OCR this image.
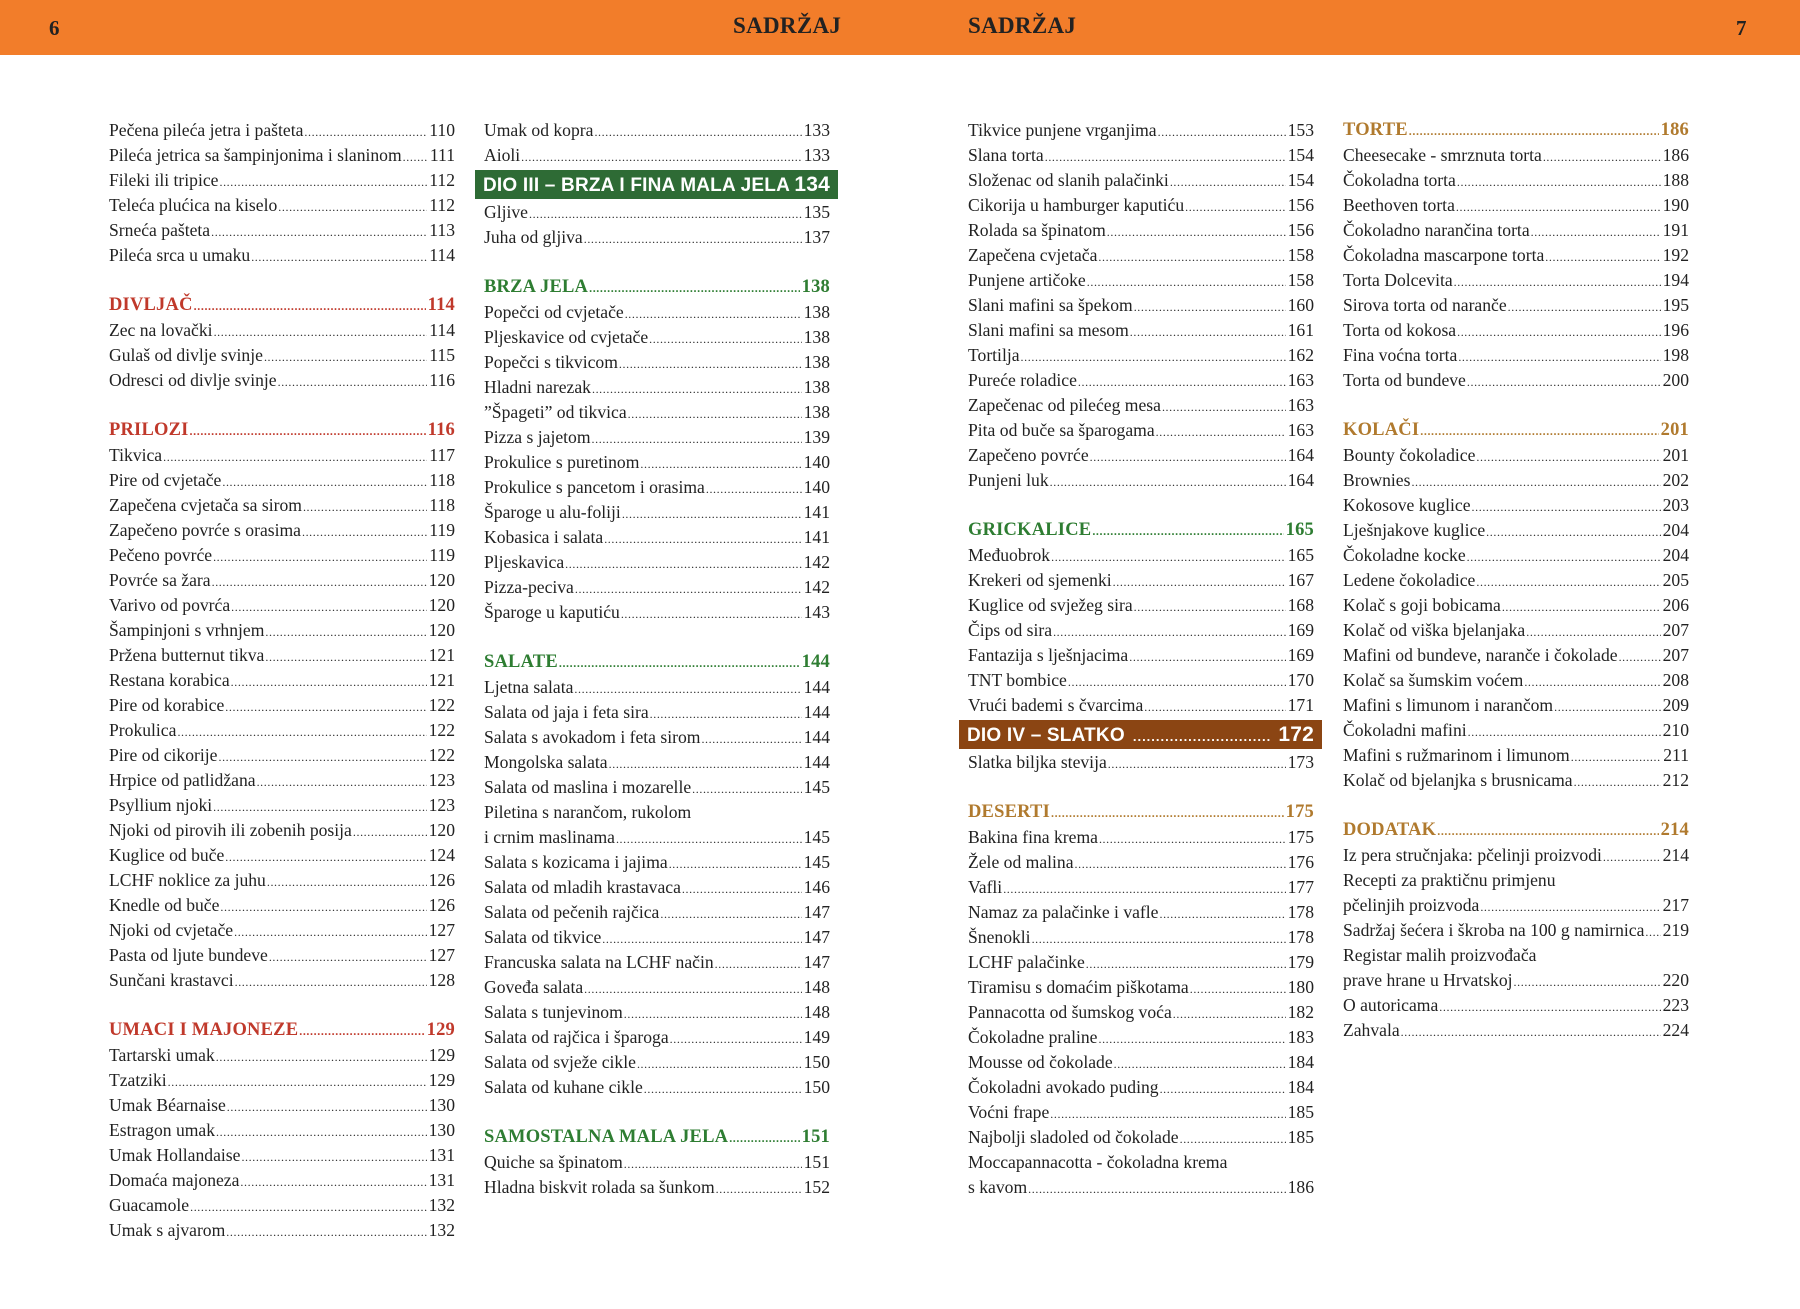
6	SADRŽAJ	SADRŽAJ	7
Pečena pileća jetra i pašteta .....	110
Pileća jetrica sa šampinjonima i slaninom ..... 111
Fileki ili tripice .....	112
Teleća plućica na kiselo .....	112
Srneća pašteta .....	113
Pileća srca u umaku .....	114
DIVLJAČ .....	114
Zec na lovački .....	114
Gulaš od divlje svinje .....	115
Odresci od divlje svinje .....	116
PRILOZI .....	116
Tikvica .....	117
Pire od cvjetače .....	118
Zapečena cvjetača sa sirom .....	118
Zapečeno povrće s orasima .....	119
Pečeno povrće .....	119
Povrće sa žara .....	120
Varivo od povrća .....	120
Šampinjoni s vrhnjem .....	120
Pržena butternut tikva .....	121
Restana korabica .....	121
Pire od korabice .....	122
Prokulica .....	122
Pire od cikorije .....	122
Hrpice od patlidžana .....	123
Psyllium njoki .....	123
Njoki od pirovih ili zobenih posija .....	120
Kuglice od buče .....	124
LCHF noklice za juhu .....	126
Knedle od buče .....	126
Njoki od cvjetače .....	127
Pasta od ljute bundeve .....	127
Sunčani krastavci .....	128
UMACI I MAJONEZE .....	129
Tartarski umak .....	129
Tzatziki .....	129
Umak Béarnaise .....	130
Estragon umak .....	130
Umak Hollandaise .....	131
Domaća majoneza .....	131
Guacamole .....	132
Umak s ajvarom .....	132
Umak od kopra .....	133
Aioli .....	133
DIO III – BRZA I FINA MALA JELA 134
Gljive .....	135
Juha od gljiva .....	137
BRZA JELA .....	138
Popečci od cvjetače .....	138
Pljeskavice od cvjetače .....	138
Popečci s tikvicom .....	138
Hladni narezak .....	138
”Špageti” od tikvica .....	138
Pizza s jajetom .....	139
Prokulice s puretinom .....	140
Prokulice s pancetom i orasima .....	140
Šparoge u alu-foliji .....	141
Kobasica i salata .....	141
Pljeskavica .....	142
Pizza-peciva .....	142
Šparoge u kaputiću .....	143
SALATE .....	144
Ljetna salata .....	144
Salata od jaja i feta sira .....	144
Salata s avokadom i feta sirom .....	144
Mongolska salata .....	144
Salata od maslina i mozarelle .....	145
Piletina s narančom, rukolom
i crnim maslinama .....	145
Salata s kozicama i jajima .....	145
Salata od mladih krastavaca .....	146
Salata od pečenih rajčica .....	147
Salata od tikvice .....	147
Francuska salata na LCHF način .....	147
Goveđa salata .....	148
Salata s tunjevinom .....	148
Salata od rajčica i šparoga .....	149
Salata od svježe cikle .....	150
Salata od kuhane cikle .....	150
SAMOSTALNA MALA JELA .....	151
Quiche sa špinatom .....	151
Hladna biskvit rolada sa šunkom .....	152
Tikvice punjene vrganjima .....	153
Slana torta .....	154
Složenac od slanih palačinki .....	154
Cikorija u hamburger kaputiću .....	156
Rolada sa špinatom .....	156
Zapečena cvjetača .....	158
Punjene artičoke .....	158
Slani mafini sa špekom .....	160
Slani mafini sa mesom .....	161
Tortilja .....	162
Pureće roladice .....	163
Zapečenac od pilećeg mesa .....	163
Pita od buče sa šparogama .....	163
Zapečeno povrće .....	164
Punjeni luk .....	164
GRICKALICE .....	165
Međuobrok .....	165
Krekeri od sjemenki .....	167
Kuglice od svježeg sira .....	168
Čips od sira .....	169
Fantazija s lješnjacima .....	169
TNT bombice .....	170
Vrući bademi s čvarcima .....	171
DIO IV – SLATKO .....	172
Slatka biljka stevija .....	173
DESERTI .....	175
Bakina fina krema .....	175
Žele od malina .....	176
Vafli .....	177
Namaz za palačinke i vafle .....	178
Šnenokli .....	178
LCHF palačinke .....	179
Tiramisu s domaćim piškotama .....	180
Pannacotta od šumskog voća .....	182
Čokoladne praline .....	183
Mousse od čokolade .....	184
Čokoladni avokado puding .....	184
Voćni frape .....	185
Najbolji sladoled od čokolade .....	185
Moccapannacotta - čokoladna krema
s kavom .....	186
TORTE .....	186
Cheesecake - smrznuta torta .....	186
Čokoladna torta .....	188
Beethoven torta .....	190
Čokoladno narančina torta .....	191
Čokoladna mascarpone torta .....	192
Torta Dolcevita .....	194
Sirova torta od naranče .....	195
Torta od kokosa .....	196
Fina voćna torta .....	198
Torta od bundeve .....	200
KOLAČI .....	201
Bounty čokoladice .....	201
Brownies .....	202
Kokosove kuglice .....	203
Lješnjakove kuglice .....	204
Čokoladne kocke .....	204
Ledene čokoladice .....	205
Kolač s goji bobicama .....	206
Kolač od viška bjelanjaka .....	207
Mafini od bundeve, naranče i čokolade .....	207
Kolač sa šumskim voćem .....	208
Mafini s limunom i narančom .....	209
Čokoladni mafini .....	210
Mafini s ružmarinom i limunom .....	211
Kolač od bjelanjka s brusnicama .....	212
DODATAK .....	214
Iz pera stručnjaka: pčelinji proizvodi .....	214
Recepti za praktičnu primjenu
pčelinjih proizvoda .....	217
Sadržaj šećera i škroba na 100 g namirnica ..... 219
Registar malih proizvođača
prave hrane u Hrvatskoj .....	220
O autoricama .....	223
Zahvala .....	224
